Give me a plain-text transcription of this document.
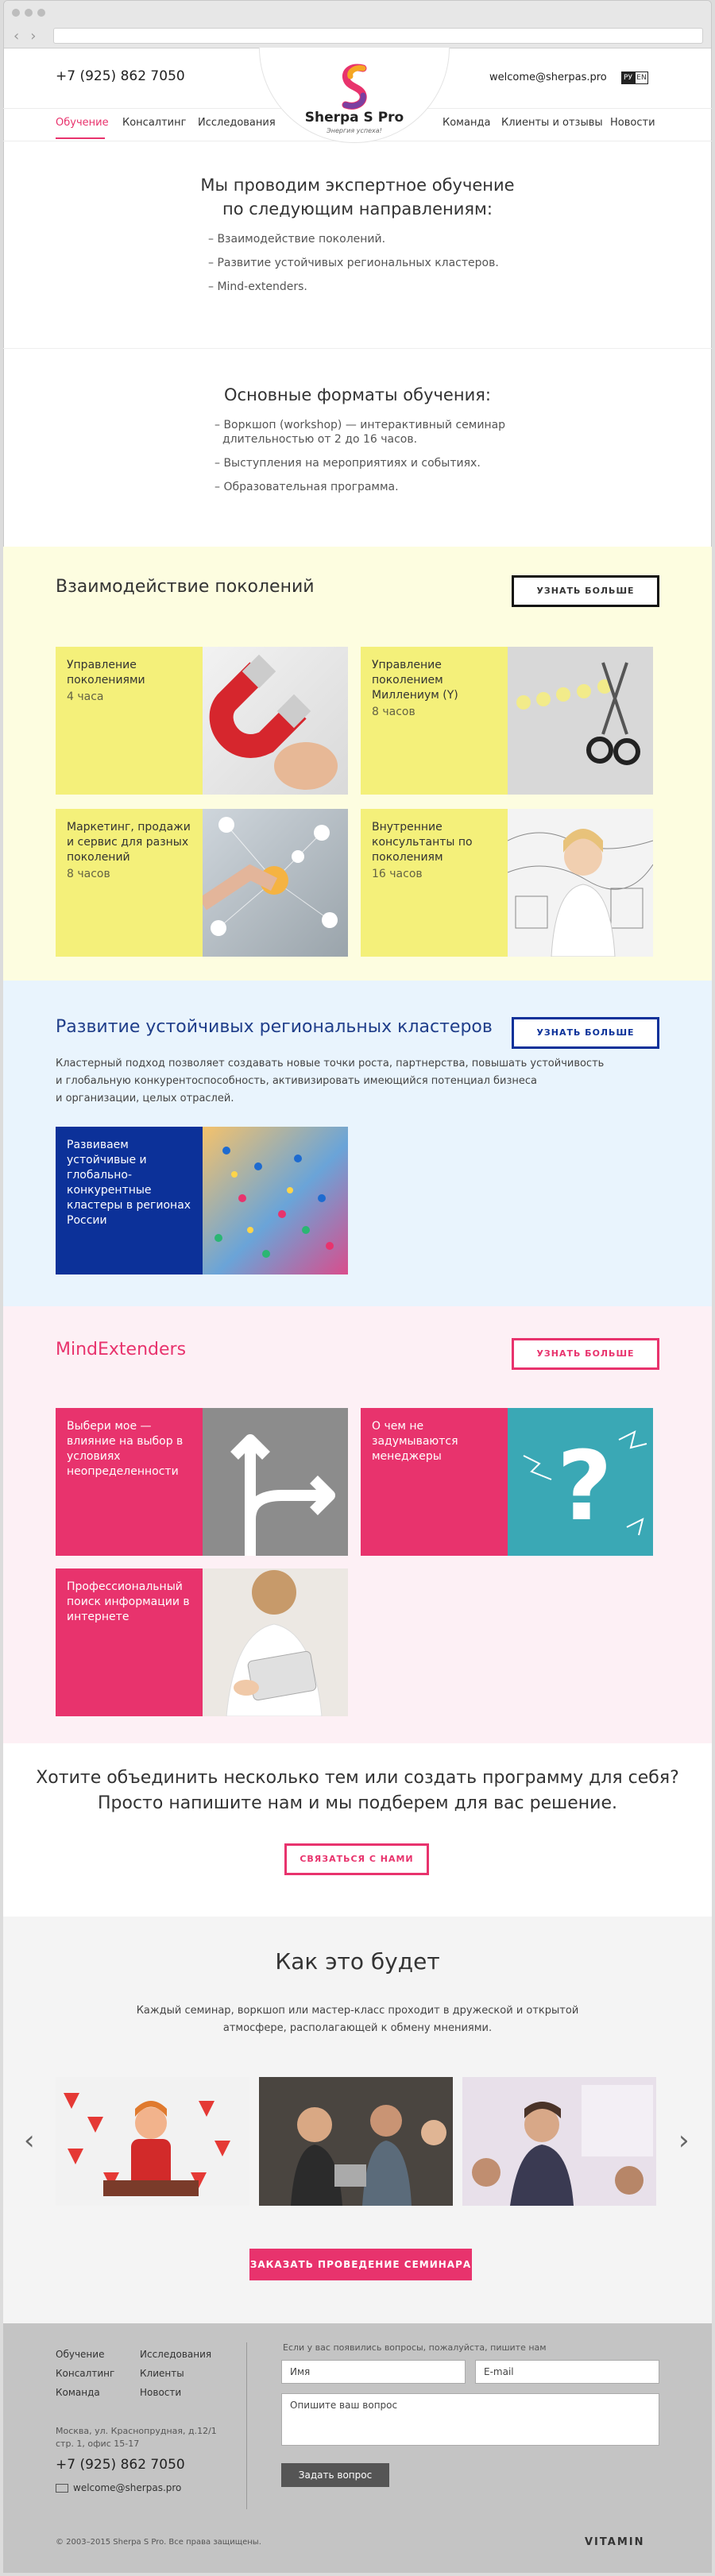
‹ ›
+7 (925) 862 7050	welcome@sherpas.pro	РУ EN
Sherpa S Pro
Энергия успеха!
Обучение Консалтинг Исследования	Команда Клиенты и отзывы Новости
Мы проводим экспертное обучение
по следующим направлениям:
– Взаимодействие поколений.
– Развитие устойчивых региональных кластеров.
– Mind-extenders.
Основные форматы обучения:
– Воркшоп (workshop) — интерактивный семинар
длительностью от 2 до 16 часов.
– Выступления на мероприятиях и событиях.
– Образовательная программа.
Взаимодействие поколений	УЗНАТЬ БОЛЬШЕ
Управление поколениями
4 часа
Управление поколением Миллениум (Y)
8 часов
Маркетинг, продажи и сервис для разных поколений
8 часов
Внутренние консультанты по поколениям
16 часов
Развитие устойчивых региональных кластеров	УЗНАТЬ БОЛЬШЕ
Кластерный подход позволяет создавать новые точки роста, партнерства, повышать устойчивость
и глобальную конкурентоспособность, активизировать имеющийся потенциал бизнеса
и организации, целых отраслей.
Развиваем устойчивые и глобально-конкурентные кластеры в регионах России
MindExtenders	УЗНАТЬ БОЛЬШЕ
Выбери мое — влияние на выбор в условиях неопределенности
О чем не задумываются менеджеры	?
Профессиональный поиск информации в интернете
Хотите объединить несколько тем или создать программу для себя?
Просто напишите нам и мы подберем для вас решение.
СВЯЗАТЬСЯ С НАМИ
Как это будет
Каждый семинар, воркшоп или мастер-класс проходит в дружеской и открытой
атмосфере, располагающей к обмену мнениями.
‹	›
ЗАКАЗАТЬ ПРОВЕДЕНИЕ СЕМИНАРА
Обучение
Консалтинг
Команда
Исследования
Клиенты
Новости
Москва, ул. Краснопрудная, д.12/1
стр. 1, офис 15-17
+7 (925) 862 7050
welcome@sherpas.pro
Если у вас появились вопросы, пожалуйста, пишите нам
Имя	E-mail
Опишите ваш вопрос
Задать вопрос
© 2003–2015 Sherpa S Pro. Все права защищены.	VITAMIN
